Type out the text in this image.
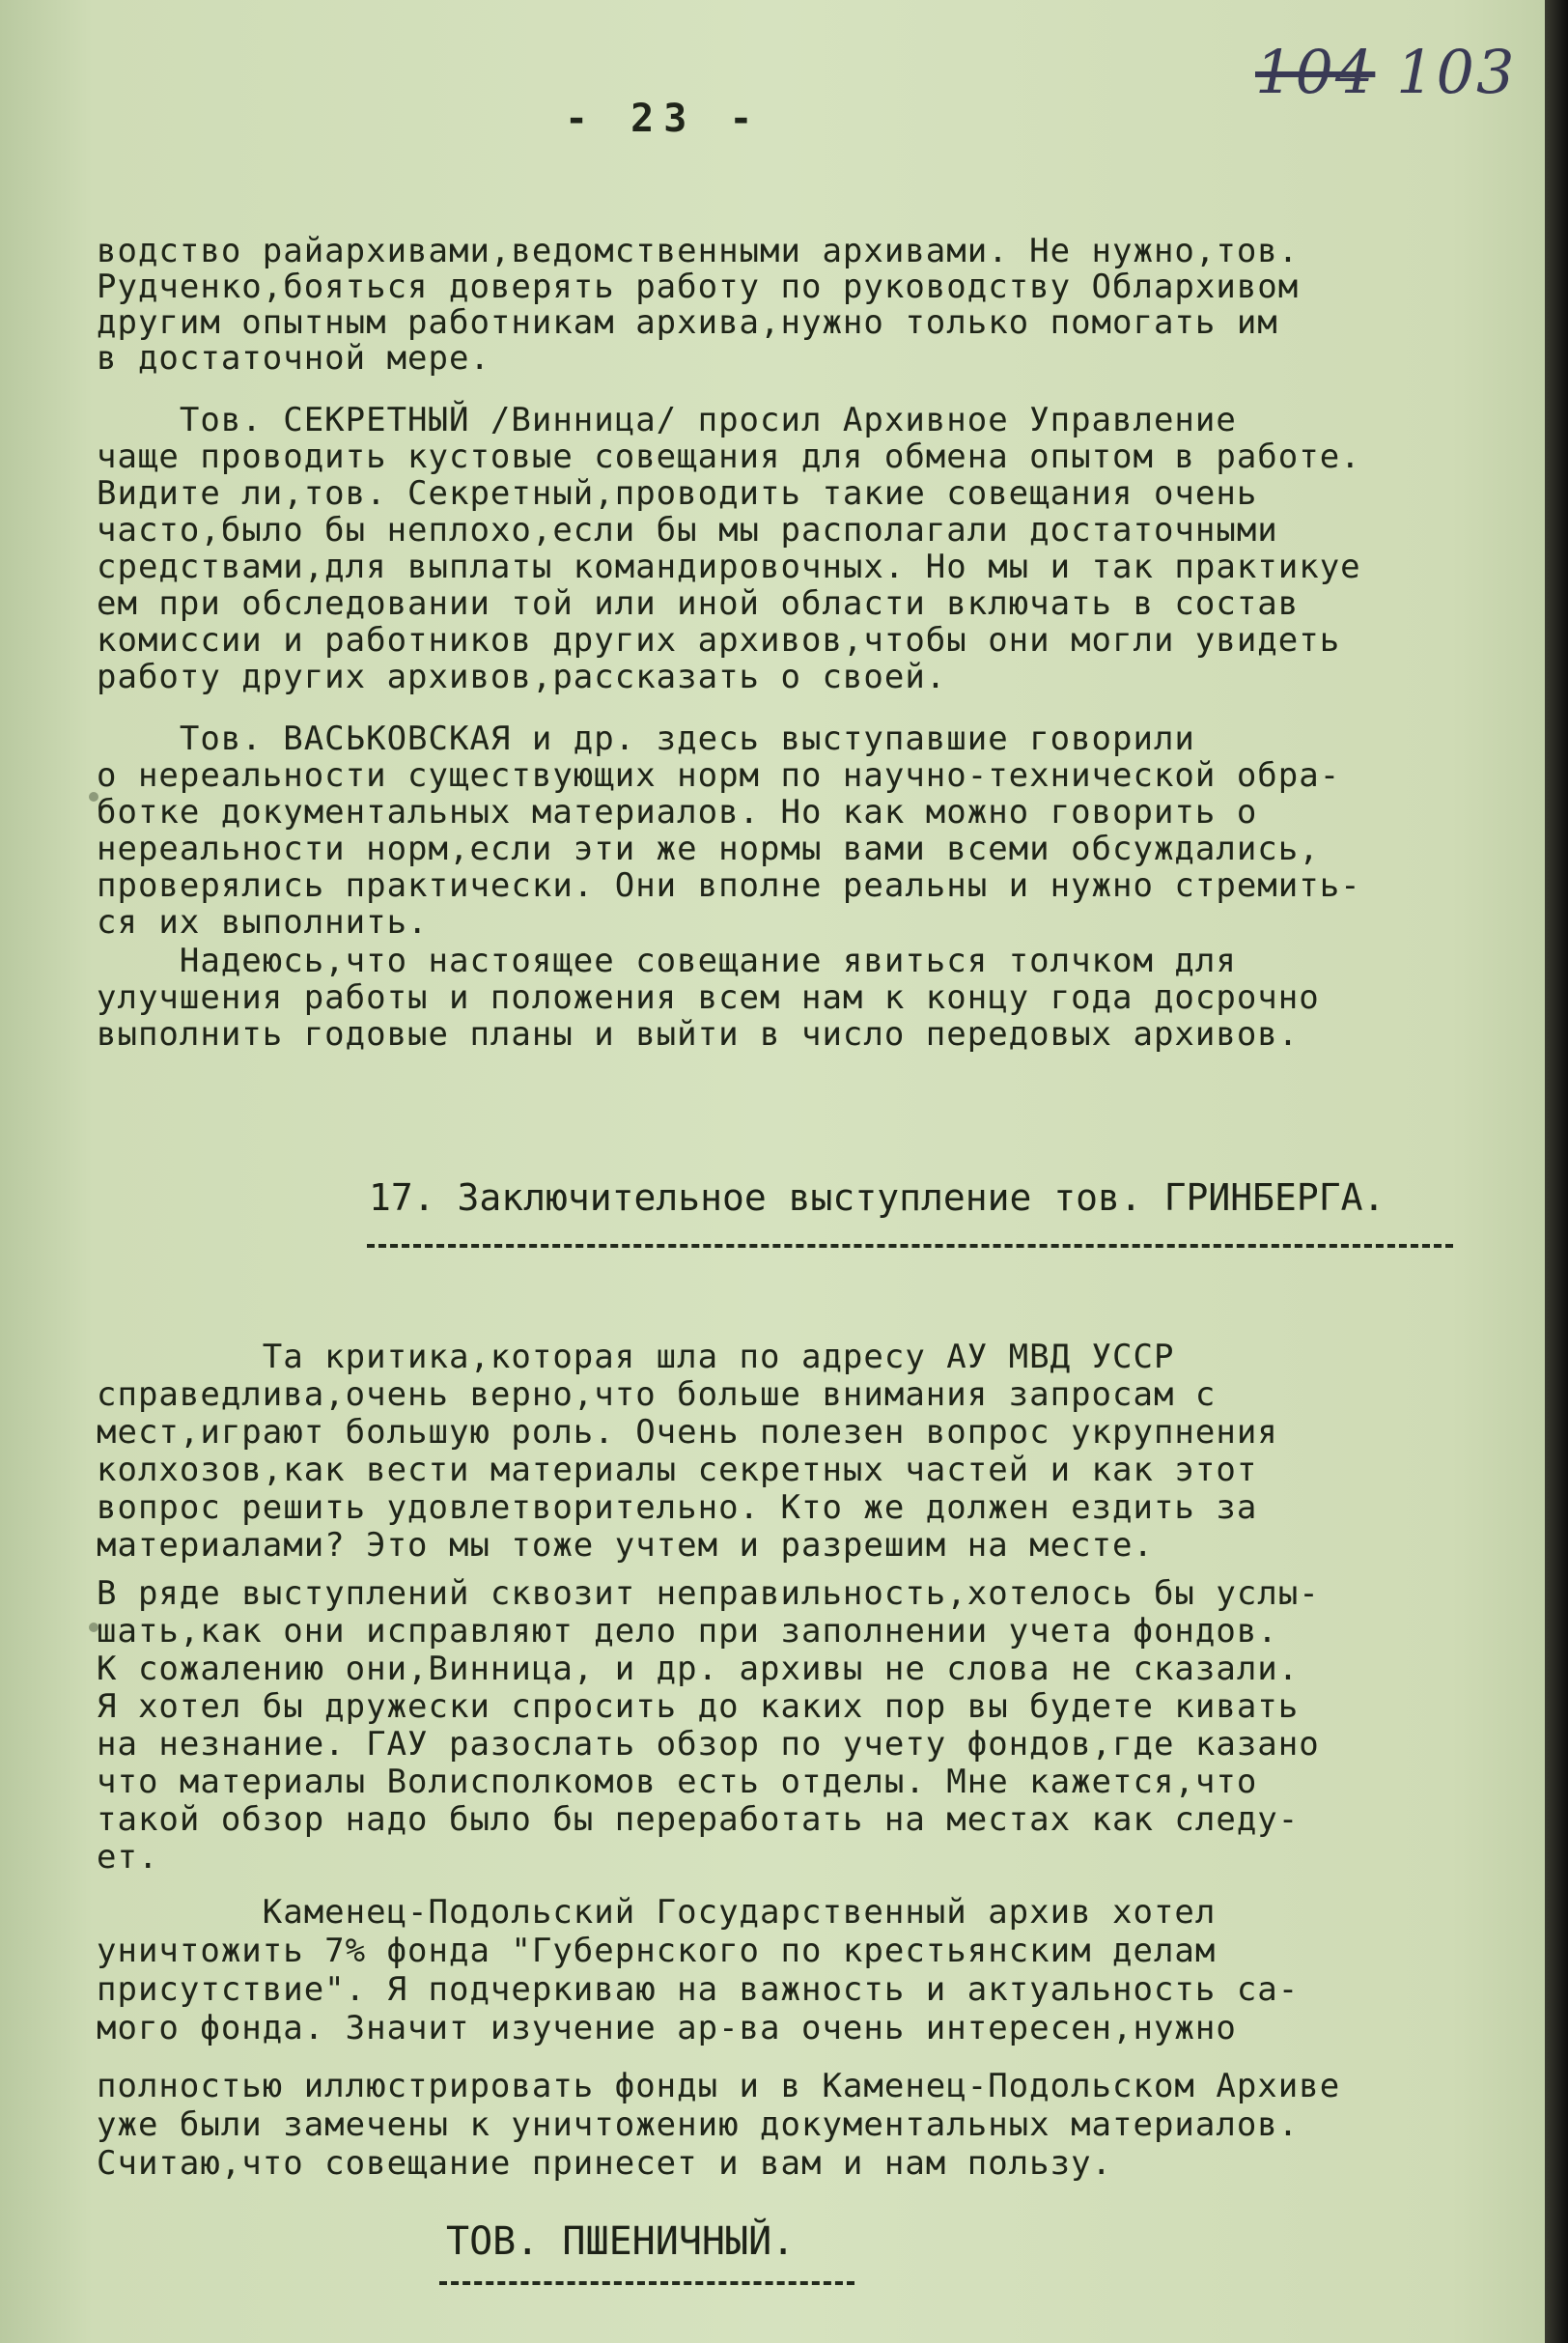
104 103
- 23 -

водство райархивами,ведомственными архивами. Не нужно,тов.

Рудченко,бояться доверять работу по руководству Облархивом

другим опытным работникам архива,нужно только помогать им

в достаточной мере.

Тов. СЕКРЕТНЫЙ /Винница/ просил Архивное Управление

чаще проводить кустовые совещания для обмена опытом в работе.

Видите ли,тов. Секретный,проводить такие совещания очень

часто,было бы неплохо,если бы мы располагали достаточными

средствами,для выплаты командировочных. Но мы и так практикуе

ем при обследовании той или иной области включать в состав

комиссии и работников других архивов,чтобы они могли увидеть

работу других архивов,рассказать о своей.

Тов. ВАСЬКОВСКАЯ и др. здесь выступавшие говорили

о нереальности существующих норм по научно-технической обра-

ботке документальных материалов. Но как можно говорить о

нереальности норм,если эти же нормы вами всеми обсуждались,

проверялись практически. Они вполне реальны и нужно стремить-

ся их выполнить.

Надеюсь,что настоящее совещание явиться толчком для

улучшения работы и положения всем нам к концу года досрочно

выполнить годовые планы и выйти в число передовых архивов.

17. Заключительное выступление тов. ГРИНБЕРГА.

Та критика,которая шла по адресу АУ МВД УССР

справедлива,очень верно,что больше внимания запросам с

мест,играют большую роль. Очень полезен вопрос укрупнения

колхозов,как вести материалы секретных частей и как этот

вопрос решить удовлетворительно. Кто же должен ездить за

материалами? Это мы тоже учтем и разрешим на месте.

В ряде выступлений сквозит неправильность,хотелось бы услы-

шать,как они исправляют дело при заполнении учета фондов.

К сожалению они,Винница, и др. архивы не слова не сказали.

Я хотел бы дружески спросить до каких пор вы будете кивать

на незнание. ГАУ разослать обзор по учету фондов,где казано

что материалы Волисполкомов есть отделы. Мне кажется,что

такой обзор надо было бы переработать на местах как следу-

ет.

Каменец-Подольский Государственный архив хотел

уничтожить 7% фонда "Губернского по крестьянским делам

присутствие". Я подчеркиваю на важность и актуальность са-

мого фонда. Значит изучение ар-ва очень интересен,нужно

полностью иллюстрировать фонды и в Каменец-Подольском Архиве

уже были замечены к уничтожению документальных материалов.

Считаю,что совещание принесет и вам и нам пользу.

ТОВ. ПШЕНИЧНЫЙ.
